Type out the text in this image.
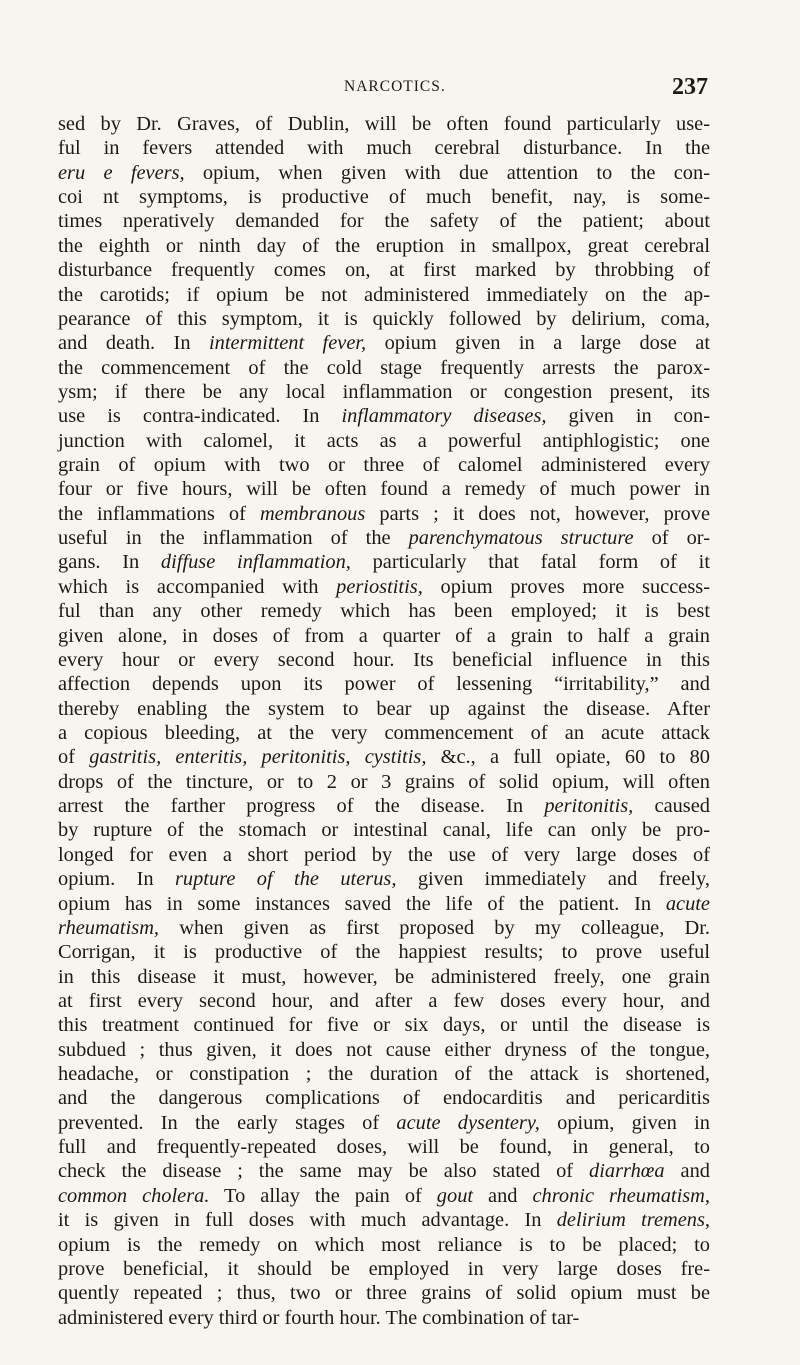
NARCOTICS.	237
sed by Dr. Graves, of Dublin, will be often found particularly use-
ful in fevers attended with much cerebral disturbance. In the
eru e fevers, opium, when given with due attention to the con-
coi nt symptoms, is productive of much benefit, nay, is some-
times nperatively demanded for the safety of the patient; about
the eighth or ninth day of the eruption in smallpox, great cerebral
disturbance frequently comes on, at first marked by throbbing of
the carotids; if opium be not administered immediately on the ap-
pearance of this symptom, it is quickly followed by delirium, coma,
and death. In intermittent fever, opium given in a large dose at
the commencement of the cold stage frequently arrests the parox-
ysm; if there be any local inflammation or congestion present, its
use is contra-indicated. In inflammatory diseases, given in con-
junction with calomel, it acts as a powerful antiphlogistic; one
grain of opium with two or three of calomel administered every
four or five hours, will be often found a remedy of much power in
the inflammations of membranous parts ; it does not, however, prove
useful in the inflammation of the parenchymatous structure of or-
gans. In diffuse inflammation, particularly that fatal form of it
which is accompanied with periostitis, opium proves more success-
ful than any other remedy which has been employed; it is best
given alone, in doses of from a quarter of a grain to half a grain
every hour or every second hour. Its beneficial influence in this
affection depends upon its power of lessening “irritability,” and
thereby enabling the system to bear up against the disease. After
a copious bleeding, at the very commencement of an acute attack
of gastritis, enteritis, peritonitis, cystitis, &c., a full opiate, 60 to 80
drops of the tincture, or to 2 or 3 grains of solid opium, will often
arrest the farther progress of the disease. In peritonitis, caused
by rupture of the stomach or intestinal canal, life can only be pro-
longed for even a short period by the use of very large doses of
opium. In rupture of the uterus, given immediately and freely,
opium has in some instances saved the life of the patient. In acute
rheumatism, when given as first proposed by my colleague, Dr.
Corrigan, it is productive of the happiest results; to prove useful
in this disease it must, however, be administered freely, one grain
at first every second hour, and after a few doses every hour, and
this treatment continued for five or six days, or until the disease is
subdued ; thus given, it does not cause either dryness of the tongue,
headache, or constipation ; the duration of the attack is shortened,
and the dangerous complications of endocarditis and pericarditis
prevented. In the early stages of acute dysentery, opium, given in
full and frequently-repeated doses, will be found, in general, to
check the disease ; the same may be also stated of diarrhœa and
common cholera. To allay the pain of gout and chronic rheumatism,
it is given in full doses with much advantage. In delirium tremens,
opium is the remedy on which most reliance is to be placed; to
prove beneficial, it should be employed in very large doses fre-
quently repeated ; thus, two or three grains of solid opium must be
administered every third or fourth hour. The combination of tar-
